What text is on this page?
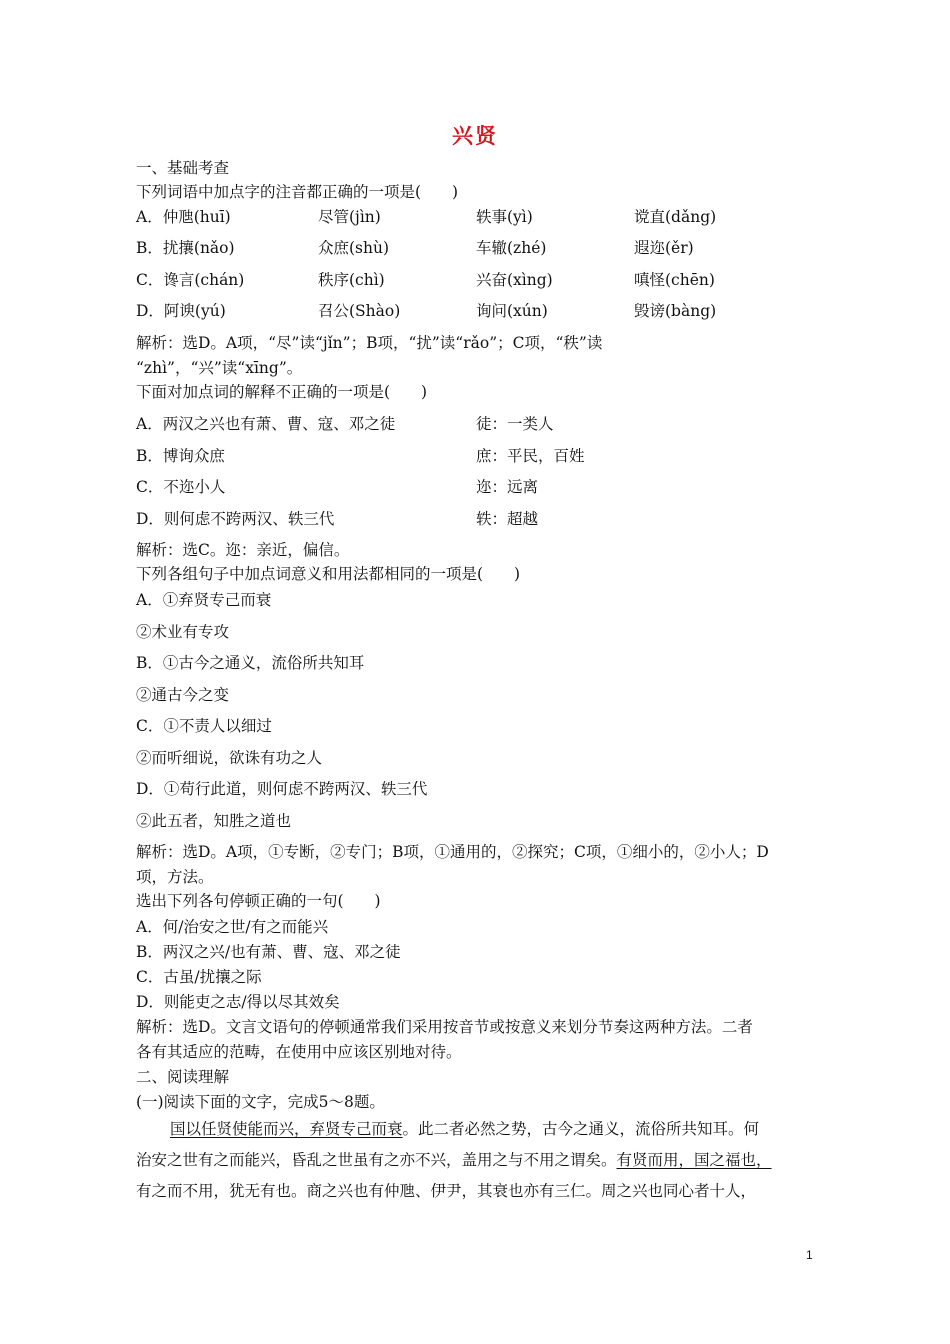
兴贤
一、基础考查
下列词语中加点字的注音都正确的一项是(　　)
A．仲虺(huī)	尽管(jìn)	轶事(yì)	谠直(dǎng)
B．扰攘(nǎo)	众庶(shù)	车辙(zhé)	遐迩(ěr)
C．谗言(chán)	秩序(chì)	兴奋(xìng)	嗔怪(chēn)
D．阿谀(yú)	召公(Shào)	询问(xún)	毁谤(bàng)
解析：选D。A项，“尽”读“jǐn”；B项，“扰”读“rǎo”；C项，“秩”读
“zhì”，“兴”读“xīng”。
下面对加点词的解释不正确的一项是(　　)
A．两汉之兴也有萧、曹、寇、邓之徒	徒：一类人
B．博询众庶	庶：平民，百姓
C．不迩小人	迩：远离
D．则何虑不跨两汉、轶三代	轶：超越
解析：选C。迩：亲近，偏信。
下列各组句子中加点词意义和用法都相同的一项是(　　)
A．①弃贤专己而衰
②术业有专攻
B．①古今之通义，流俗所共知耳
②通古今之变
C．①不责人以细过
②而听细说，欲诛有功之人
D．①苟行此道，则何虑不跨两汉、轶三代
②此五者，知胜之道也
解析：选D。A项，①专断，②专门；B项，①通用的，②探究；C项，①细小的，②小人；D
项，方法。
选出下列各句停顿正确的一句(　　)
A．何/治安之世/有之而能兴
B．两汉之兴/也有萧、曹、寇、邓之徒
C．古虽/扰攘之际
D．则能吏之志/得以尽其效矣
解析：选D。文言文语句的停顿通常我们采用按音节或按意义来划分节奏这两种方法。二者
各有其适应的范畴，在使用中应该区别地对待。
二、阅读理解
(一)阅读下面的文字，完成5～8题。
国以任贤使能而兴，弃贤专己而衰。此二者必然之势，古今之通义，流俗所共知耳。何
治安之世有之而能兴，昏乱之世虽有之亦不兴，盖用之与不用之谓矣。有贤而用，国之福也，
有之而不用，犹无有也。商之兴也有仲虺、伊尹，其衰也亦有三仁。周之兴也同心者十人，
1
